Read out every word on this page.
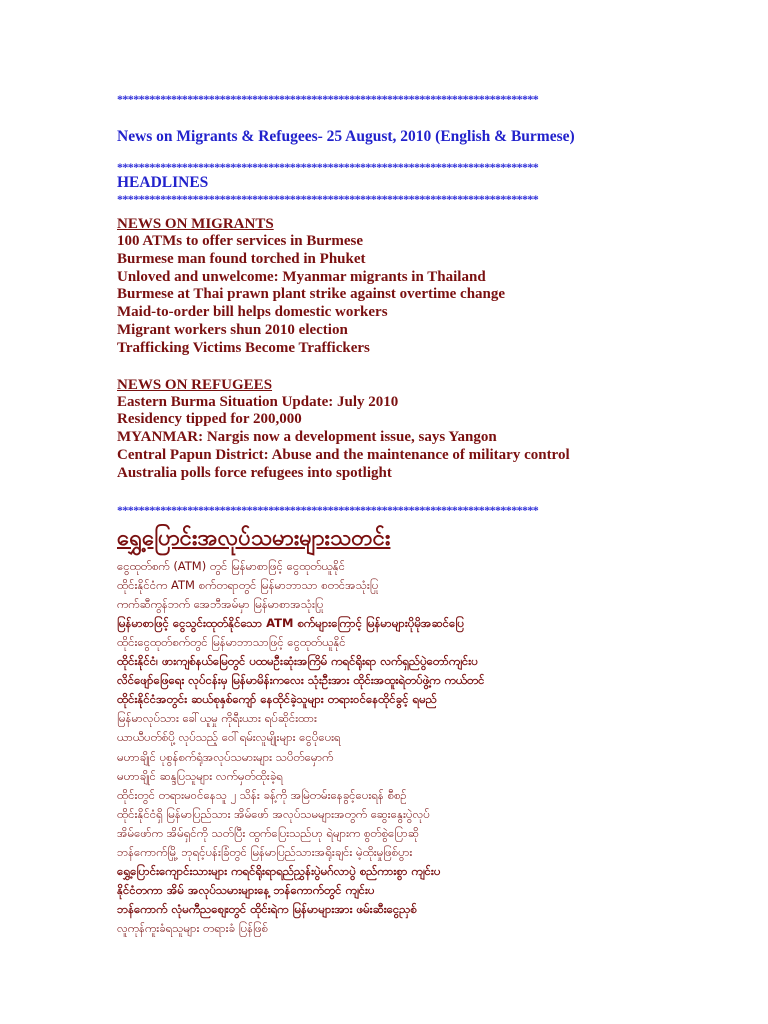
******************************************************************************
News on Migrants & Refugees- 25 August, 2010 (English & Burmese)
******************************************************************************
HEADLINES
******************************************************************************
NEWS ON MIGRANTS
100 ATMs to offer services in Burmese
Burmese man found torched in Phuket
Unloved and unwelcome: Myanmar migrants in Thailand
Burmese at Thai prawn plant strike against overtime change
Maid-to-order bill helps domestic workers
Migrant workers shun 2010 election
Trafficking Victims Become Traffickers
NEWS ON REFUGEES
Eastern Burma Situation Update: July 2010
Residency tipped for 200,000
MYANMAR: Nargis now a development issue, says Yangon
Central Papun District: Abuse and the maintenance of military control
Australia polls force refugees into spotlight
******************************************************************************
ရွှေ့ပြောင်းအလုပ်သမားများသတင်း
ငွေထုတ်စက် (ATM) တွင် မြန်မာစာဖြင့် ငွေထုတ်ယူနိုင်
ထိုင်းနိုင်ငံက ATM စက်တရာတွင် မြန်မာဘာသာ စတင်အသုံးပြု
ကက်ဆီကွန်ဘက် အေဘီအမ်မှာ မြန်မာစာအသုံးပြု
မြန်မာစာဖြင့် ငွေသွင်းထုတ်နိုင်သော ATM စက်များကြောင့် မြန်မာများပိုမိုအဆင်ပြေ
ထိုင်းငွေထုတ်စက်တွင် မြန်မာဘာသာဖြင့် ငွေထုတ်ယူနိုင်
ထိုင်းနိုင်ငံ၊ ဖားကျစ်နယ်မြေတွင် ပထမဦးဆုံးအကြိမ် ကရင်ရိုးရာ လက်ရှည်ပွဲတော်ကျင်းပ
လိင်ဖျော်ဖြေရေး လုပ်ငန်းမှ မြန်မာမိန်းကလေး သုံးဦးအား ထိုင်းအထူးရဲတပ်ဖွဲ့က ကယ်တင်
ထိုင်းနိုင်ငံအတွင်း ဆယ်စုနှစ်ကျော် နေထိုင်ခဲ့သူများ တရားဝင်နေထိုင်ခွင့် ရမည်
မြန်မာလုပ်သား ခေါ်ယူမှု ကိုရီးယား ရပ်ဆိုင်းထား
ယာယီပတ်စ်ပို့ လုပ်သည့် ဝေါ်ရမ်းလူမျိုးများ ငွေပိုပေးရ
မဟာချိုင် ပုစွန်စက်ရုံအလုပ်သမားများ သပိတ်မှောက်
မဟာချိုင် ဆန္ဒပြသူများ လက်မှတ်ထိုးခဲ့ရ
ထိုင်းတွင် တရားမဝင်နေသူ ၂ သိန်း ခန့်ကို အမြဲတမ်းနေခွင့်ပေးရန် စီစဉ်
ထိုင်းနိုင်ငံရှိ မြန်မာပြည်သား အိမ်ဖော် အလုပ်သမများအတွက် ဆွေးနွေးပွဲလုပ်
အိမ်ဖော်က အိမ်ရှင်ကို သတ်ပြီး ထွက်ပြေးသည်ဟု ရဲများက စွတ်စွဲပြောဆို
ဘန်ကောက်မြို့ ဘုရင့်ပန်းခြံတွင် မြန်မာပြည်သားအရိုးချင်း မဲ့ထိုးမှုဖြစ်ပွား
ရွှေ့ပြောင်းကျောင်းသားများ ကရင်ရိုးရာရည်ညွှန်းပွဲမဂ်လာပွဲ စည်ကားစွာ ကျင်းပ
နိုင်ငံတကာ အိမ် အလုပ်သမားများနေ့ ဘန်ကောက်တွင် ကျင်းပ
ဘန်ကောက် လုံမကီညစျေးတွင် ထိုင်းရဲက မြန်မာများအား ဖမ်းဆီးငွေညှစ်
လူကုန်ကူးခံရသူများ တရားခံ ပြန်ဖြစ်
